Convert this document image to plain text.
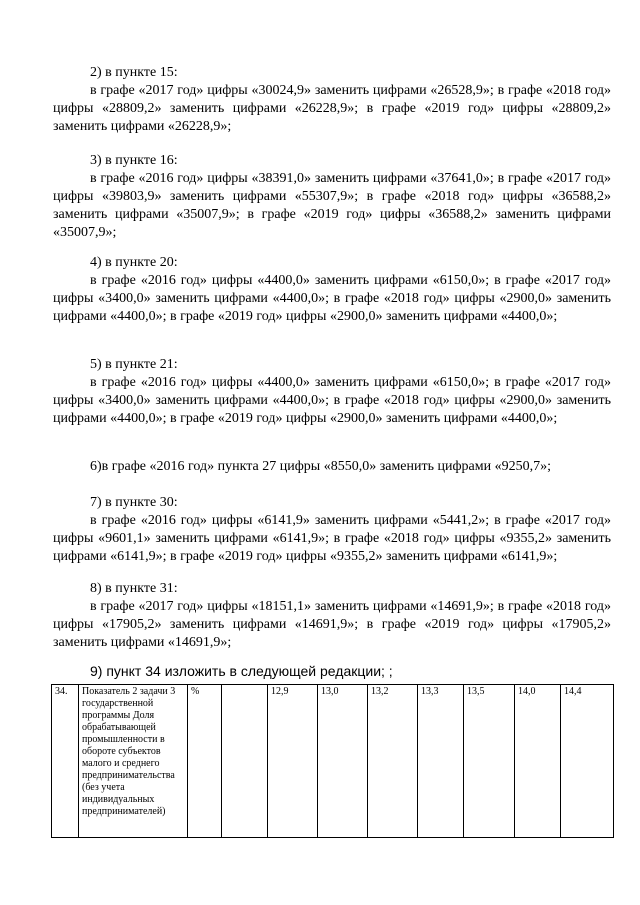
2) в пункте 15:

в графе «2017 год» цифры «30024,9» заменить цифрами «26528,9»; в графе «2018 год» цифры «28809,2» заменить цифрами «26228,9»; в графе «2019 год» цифры «28809,2» заменить цифрами «26228,9»;

3) в пункте 16:

в графе «2016 год» цифры «38391,0» заменить цифрами «37641,0»; в графе «2017 год» цифры «39803,9» заменить цифрами «55307,9»; в графе «2018 год» цифры «36588,2» заменить цифрами «35007,9»; в графе «2019 год» цифры «36588,2» заменить цифрами «35007,9»;

4) в пункте 20:

в графе «2016 год» цифры «4400,0» заменить цифрами «6150,0»; в графе «2017 год» цифры «3400,0» заменить цифрами «4400,0»; в графе «2018 год» цифры «2900,0» заменить цифрами «4400,0»; в графе «2019 год» цифры «2900,0» заменить цифрами «4400,0»;

5) в пункте 21:

в графе «2016 год» цифры «4400,0» заменить цифрами «6150,0»; в графе «2017 год» цифры «3400,0» заменить цифрами «4400,0»; в графе «2018 год» цифры «2900,0» заменить цифрами «4400,0»; в графе «2019 год» цифры «2900,0» заменить цифрами «4400,0»;

6)в графе «2016 год» пункта 27 цифры «8550,0» заменить цифрами «9250,7»;

7) в пункте 30:

в графе «2016 год» цифры «6141,9» заменить цифрами «5441,2»; в графе «2017 год» цифры «9601,1» заменить цифрами «6141,9»; в графе «2018 год» цифры «9355,2» заменить цифрами «6141,9»; в графе «2019 год» цифры «9355,2» заменить цифрами «6141,9»;

8) в пункте 31:

в графе «2017 год» цифры «18151,1» заменить цифрами «14691,9»; в графе «2018 год» цифры «17905,2» заменить цифрами «14691,9»; в графе «2019 год» цифры «17905,2» заменить цифрами «14691,9»;

9) пункт 34 изложить в следующей редакции; ;
34.	Показатель 2 задачи 3 государственной программы Доля обрабатывающей промышленности в обороте субъектов малого и среднего предпринимательства (без учета индивидуальных предпринимателей)	%		12,9	13,0	13,2	13,3	13,5	14,0	14,4
